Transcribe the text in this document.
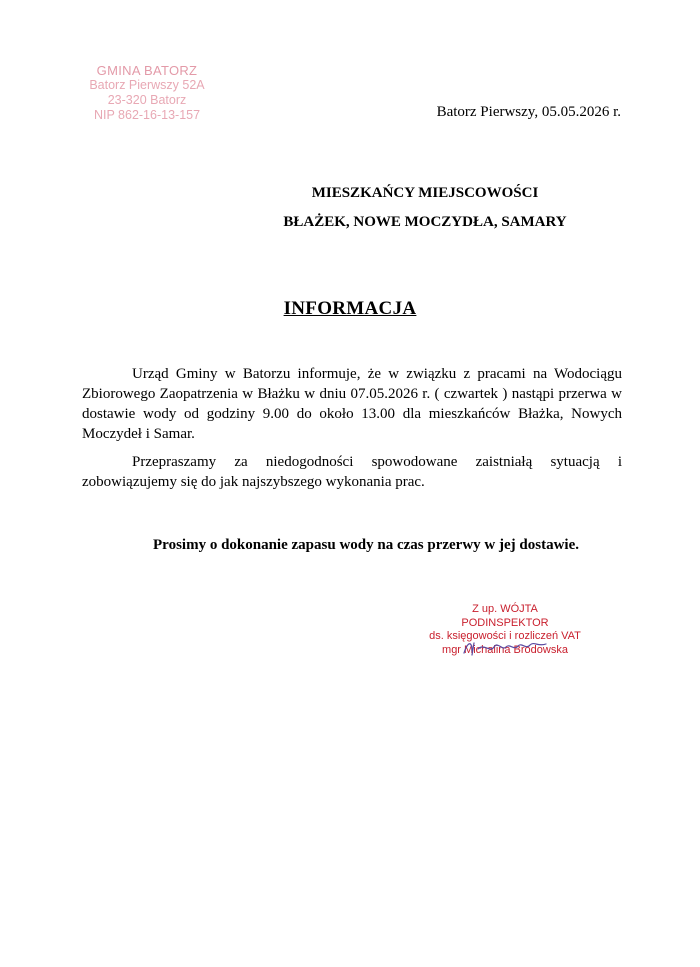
GMINA BATORZ
Batorz Pierwszy 52A
23-320 Batorz
NIP 862-16-13-157	Batorz Pierwszy, 05.05.2026 r.
MIESZKAŃCY MIEJSCOWOŚCI
BŁAŻEK, NOWE MOCZYDŁA, SAMARY
INFORMACJA

Urząd Gminy w Batorzu informuje, że w związku z pracami na Wodociągu Zbiorowego Zaopatrzenia w Błażku w dniu 07.05.2026 r. ( czwartek ) nastąpi przerwa w dostawie wody od godziny 9.00 do około 13.00 dla mieszkańców Błażka, Nowych Moczydeł i Samar.

Przepraszamy za niedogodności spowodowane zaistniałą sytuacją i zobowiązujemy się do jak najszybszego wykonania prac.

Prosimy o dokonanie zapasu wody na czas przerwy w jej dostawie.
Z up. WÓJTA
PODINSPEKTOR
ds. księgowości i rozliczeń VAT
mgr Michalina Brodowska
